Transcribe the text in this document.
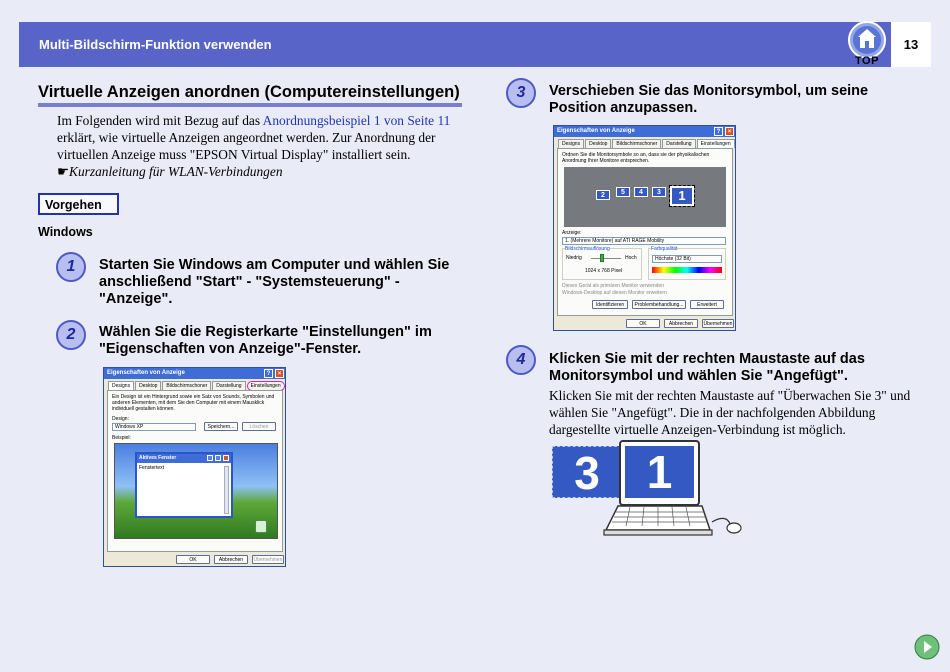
Multi-Bildschirm-Funktion verwenden	13
TOP
Virtuelle Anzeigen anordnen (Computereinstellungen)
Im Folgenden wird mit Bezug auf das Anordnungsbeispiel 1 von Seite 11 erklärt, wie virtuelle Anzeigen angeordnet werden. Zur Anordnung der virtuellen Anzeige muss "EPSON Virtual Display" installiert sein.
☛Kurzanleitung für WLAN-Verbindungen
Vorgehen
Windows
1	Starten Sie Windows am Computer und wählen Sie anschließend "Start" - "Systemsteuerung" - "Anzeige".
2	Wählen Sie die Registerkarte "Einstellungen" im "Eigenschaften von Anzeige"-Fenster.
Eigenschaften von Anzeige	?	×
Designs	Desktop	Bildschirmschoner	Darstellung	Einstellungen
Ein Design ist ein Hintergrund sowie ein Satz von Sounds, Symbolen und anderen Elementen, mit dem Sie den Computer mit einem Mausklick individuell gestalten können.
Design:
Windows XP	Speichern...	Löschen
Beispiel:
Aktives Fenster
Fenstertext
OK	Abbrechen	Übernehmen
3	Verschieben Sie das Monitorsymbol, um seine Position anzupassen.
Eigenschaften von Anzeige	?	×
Designs	Desktop	Bildschirmschoner	Darstellung	Einstellungen
Ordnen Sie die Monitorsymbole so an, dass sie der physikalischen Anordnung Ihrer Monitore entsprechen.
2	5	4	3	1
Anzeige:
1. (Mehrere Monitore) auf ATI RAGE Mobility
Bildschirmauflösung
Niedrig	Hoch
1024 x 768 Pixel
Farbqualität
Höchste (32 Bit)
Dieses Gerät als primären Monitor verwenden
Windows-Desktop auf diesen Monitor erweitern
Identifizieren	Problembehandlung...	Erweitert
OK	Abbrechen	Übernehmen
4	Klicken Sie mit der rechten Maustaste auf das Monitorsymbol und wählen Sie "Angefügt".
Klicken Sie mit der rechten Maustaste auf "Überwachen Sie 3" und wählen Sie "Angefügt". Die in der nachfolgenden Abbildung dargestellte virtuelle Anzeigen-Verbindung ist möglich.
3	1
